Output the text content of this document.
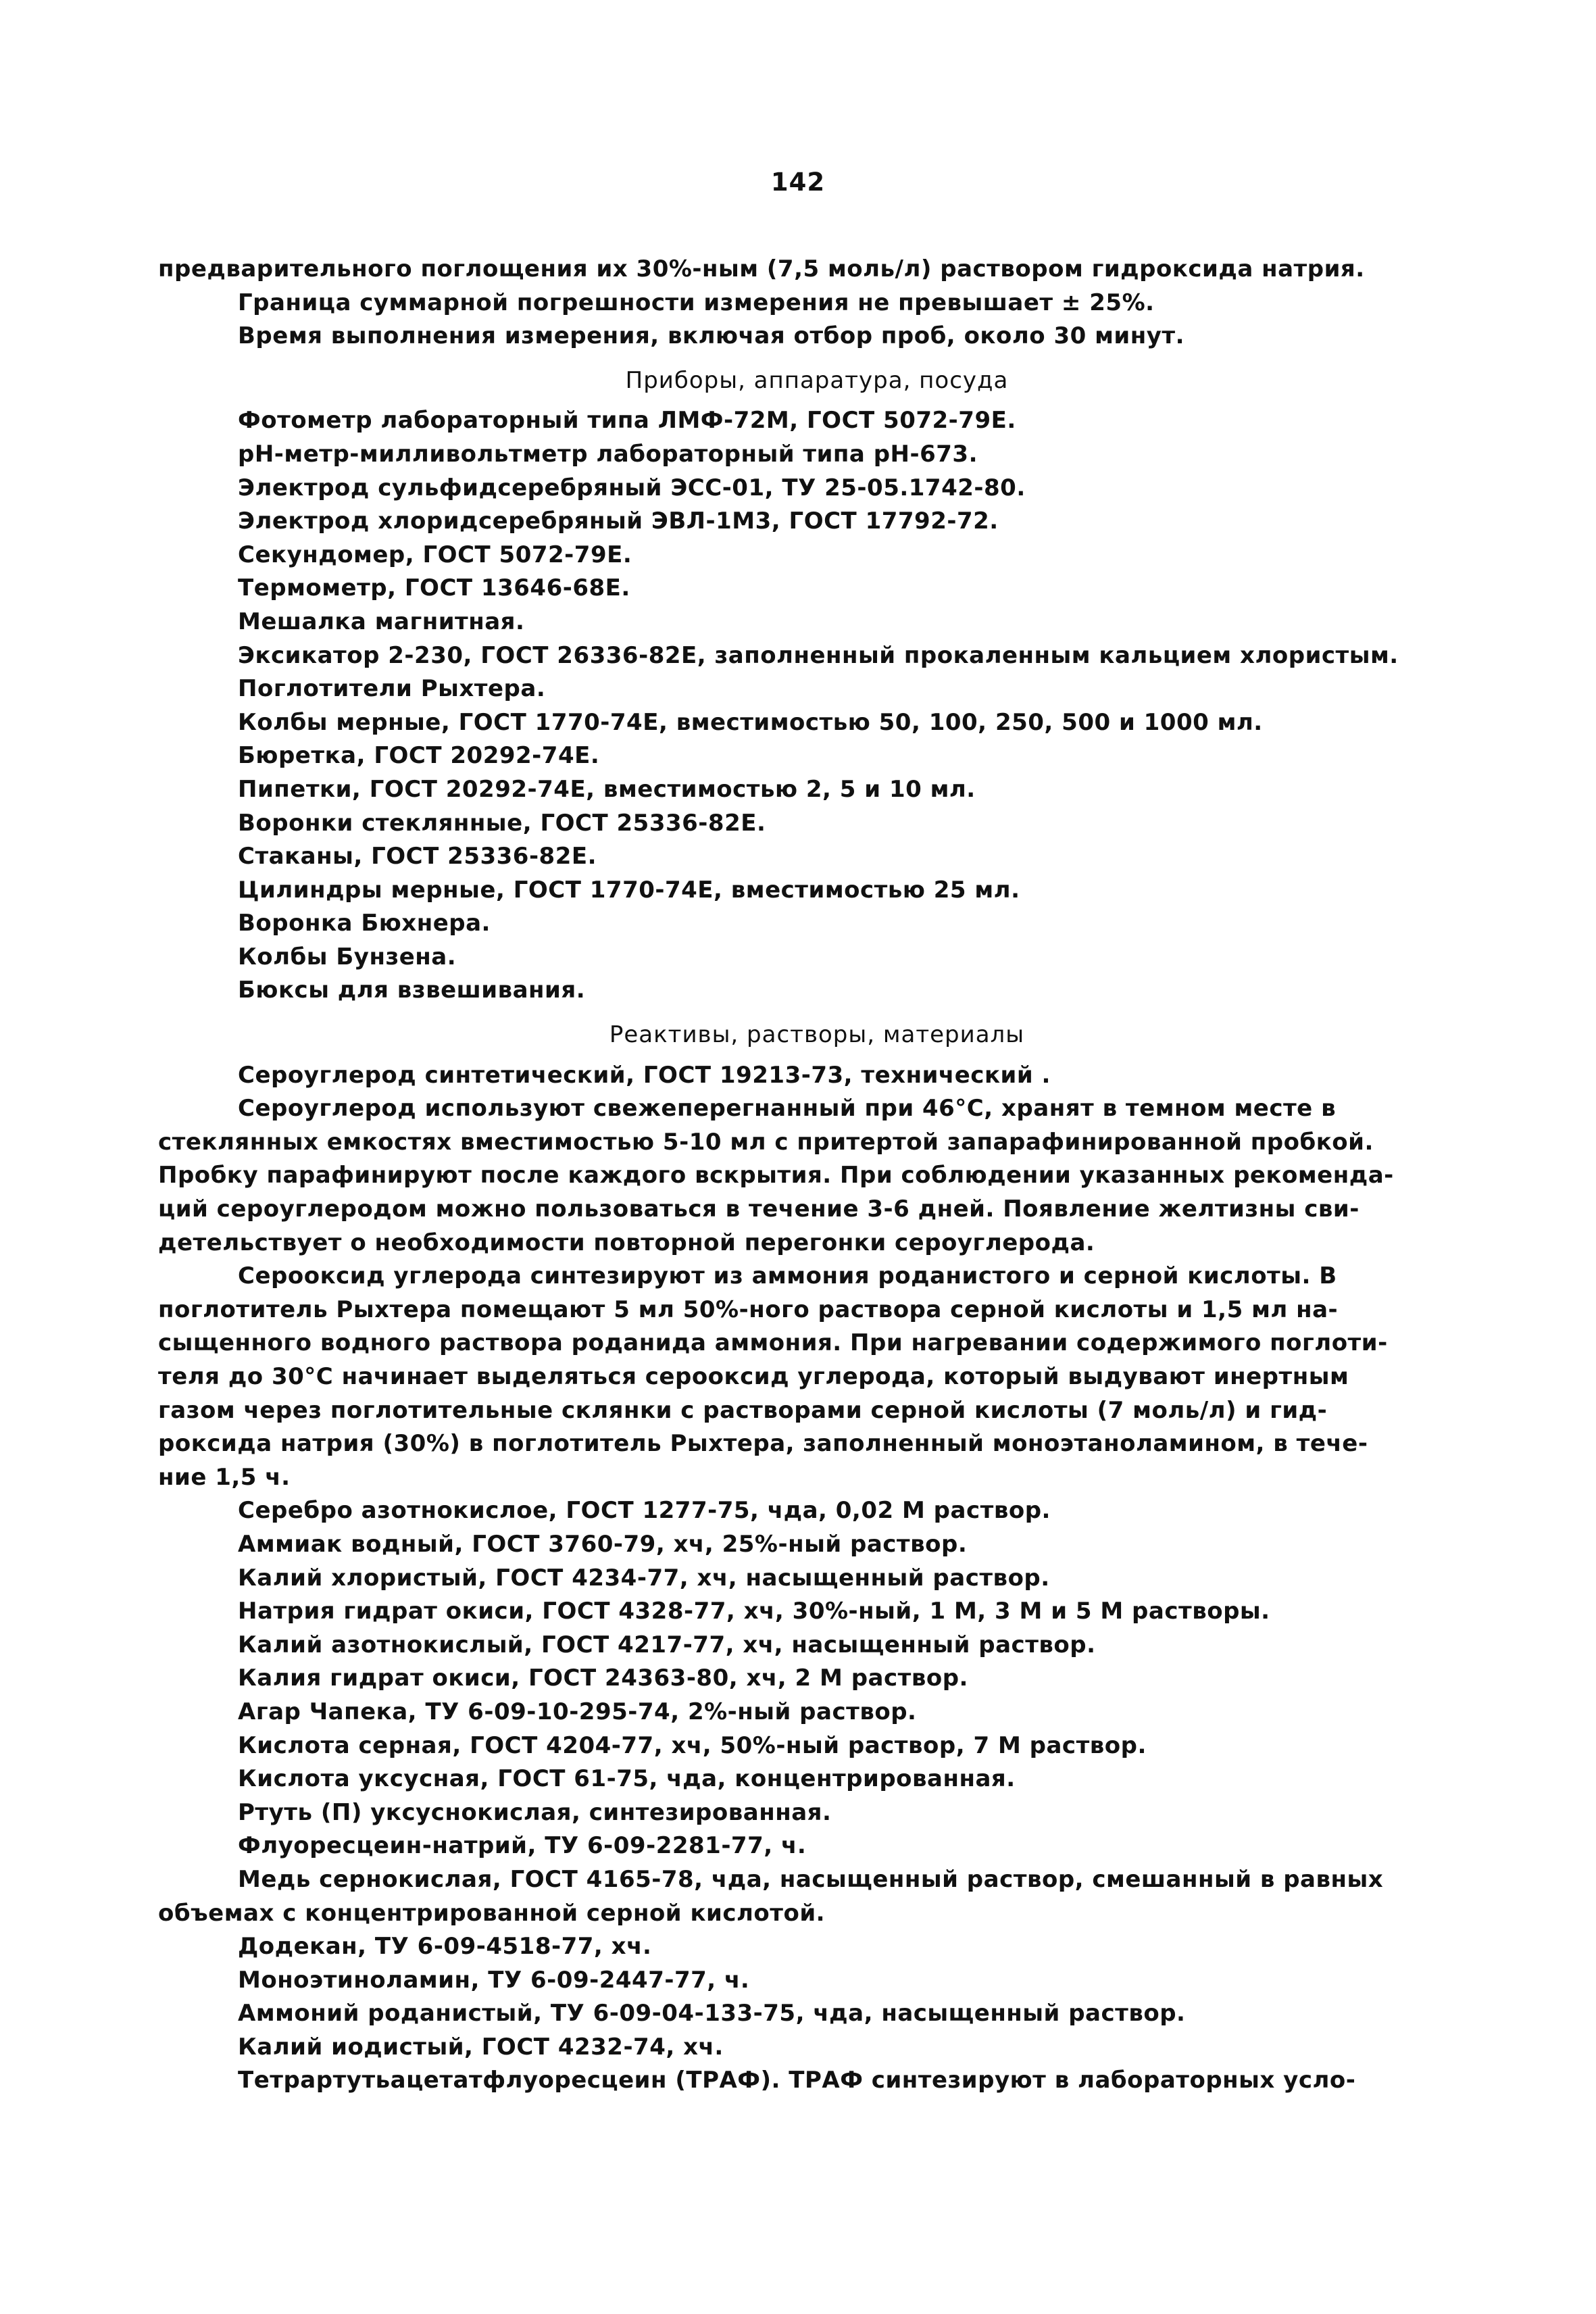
142

предварительного поглощения их 30%-ным (7,5 моль/л) раствором гидроксида натрия.

Граница суммарной погрешности измерения не превышает ± 25%.

Время выполнения измерения, включая отбор проб, около 30 минут.

Приборы, аппаратура, посуда

Фотометр лабораторный типа ЛМФ-72М, ГОСТ 5072-79Е.

pH-метр-милливольтметр лабораторный типа pH-673.

Электрод сульфидсеребряный ЭСС-01, ТУ 25-05.1742-80.

Электрод хлоридсеребряный ЭВЛ-1М3, ГОСТ 17792-72.

Секундомер, ГОСТ 5072-79Е.

Термометр, ГОСТ 13646-68Е.

Мешалка магнитная.

Эксикатор 2-230, ГОСТ 26336-82Е, заполненный прокаленным кальцием хлористым.

Поглотители Рыхтера.

Колбы мерные, ГОСТ 1770-74Е, вместимостью 50, 100, 250, 500 и 1000 мл.

Бюретка, ГОСТ 20292-74Е.

Пипетки, ГОСТ 20292-74Е, вместимостью 2, 5 и 10 мл.

Воронки стеклянные, ГОСТ 25336-82Е.

Стаканы, ГОСТ 25336-82Е.

Цилиндры мерные, ГОСТ 1770-74Е, вместимостью 25 мл.

Воронка Бюхнера.

Колбы Бунзена.

Бюксы для взвешивания.

Реактивы, растворы, материалы

Сероуглерод синтетический, ГОСТ 19213-73, технический .

Сероуглерод используют свежеперегнанный при 46°С, хранят в темном месте в

стеклянных емкостях вместимостью 5-10 мл с притертой запарафинированной пробкой.

Пробку парафинируют после каждого вскрытия. При соблюдении указанных рекоменда-

ций сероуглеродом можно пользоваться в течение 3-6 дней. Появление желтизны сви-

детельствует о необходимости повторной перегонки сероуглерода.

Серооксид углерода синтезируют из аммония роданистого и серной кислоты. В

поглотитель Рыхтера помещают 5 мл 50%-ного раствора серной кислоты и 1,5 мл на-

сыщенного водного раствора роданида аммония. При нагревании содержимого поглоти-

теля до 30°С начинает выделяться серооксид углерода, который выдувают инертным

газом через поглотительные склянки с растворами серной кислоты (7 моль/л) и гид-

роксида натрия (30%) в поглотитель Рыхтера, заполненный моноэтаноламином, в тече-

ние 1,5 ч.

Серебро азотнокислое, ГОСТ 1277-75, чда, 0,02 М раствор.

Аммиак водный, ГОСТ 3760-79, хч, 25%-ный раствор.

Калий хлористый, ГОСТ 4234-77, хч, насыщенный раствор.

Натрия гидрат окиси, ГОСТ 4328-77, хч, 30%-ный, 1 М, 3 М и 5 М растворы.

Калий азотнокислый, ГОСТ 4217-77, хч, насыщенный раствор.

Калия гидрат окиси, ГОСТ 24363-80, хч, 2 М раствор.

Агар Чапека, ТУ 6-09-10-295-74, 2%-ный раствор.

Кислота серная, ГОСТ 4204-77, хч, 50%-ный раствор, 7 М раствор.

Кислота уксусная, ГОСТ 61-75, чда, концентрированная.

Ртуть (П) уксуснокислая, синтезированная.

Флуоресцеин-натрий, ТУ 6-09-2281-77, ч.

Медь сернокислая, ГОСТ 4165-78, чда, насыщенный раствор, смешанный в равных

объемах с концентрированной серной кислотой.

Додекан, ТУ 6-09-4518-77, хч.

Моноэтиноламин, ТУ 6-09-2447-77, ч.

Аммоний роданистый, ТУ 6-09-04-133-75, чда, насыщенный раствор.

Калий иодистый, ГОСТ 4232-74, хч.

Тетрартутьацетатфлуоресцеин (ТРАФ). ТРАФ синтезируют в лабораторных усло-
